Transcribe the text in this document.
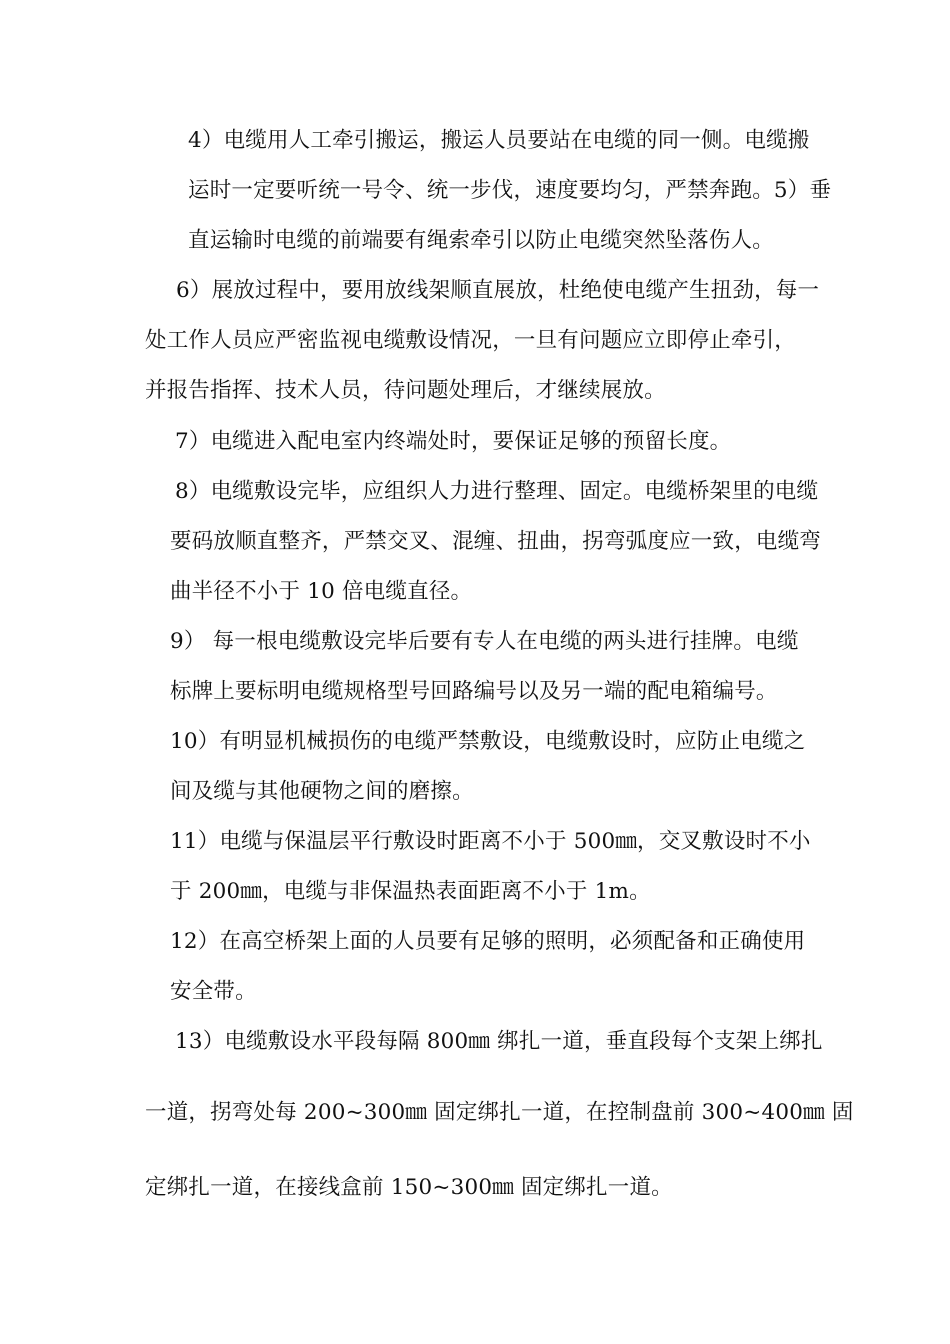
4）电缆用人工牵引搬运，搬运人员要站在电缆的同一侧。电缆搬
运时一定要听统一号令、统一步伐，速度要均匀，严禁奔跑。5）垂
直运输时电缆的前端要有绳索牵引以防止电缆突然坠落伤人。
6）展放过程中，要用放线架顺直展放，杜绝使电缆产生扭劲，每一
处工作人员应严密监视电缆敷设情况，一旦有问题应立即停止牵引，
并报告指挥、技术人员，待问题处理后，才继续展放。
7）电缆进入配电室内终端处时，要保证足够的预留长度。
8）电缆敷设完毕，应组织人力进行整理、固定。电缆桥架里的电缆
要码放顺直整齐，严禁交叉、混缠、扭曲，拐弯弧度应一致，电缆弯
曲半径不小于 10 倍电缆直径。
9） 每一根电缆敷设完毕后要有专人在电缆的两头进行挂牌。电缆
标牌上要标明电缆规格型号回路编号以及另一端的配电箱编号。
10）有明显机械损伤的电缆严禁敷设，电缆敷设时，应防止电缆之
间及缆与其他硬物之间的磨擦。
11）电缆与保温层平行敷设时距离不小于 500㎜，交叉敷设时不小
于 200㎜，电缆与非保温热表面距离不小于 1m。
12）在高空桥架上面的人员要有足够的照明，必须配备和正确使用
安全带。
13）电缆敷设水平段每隔 800㎜ 绑扎一道，垂直段每个支架上绑扎
一道，拐弯处每 200~300㎜ 固定绑扎一道，在控制盘前 300~400㎜ 固
定绑扎一道，在接线盒前 150~300㎜ 固定绑扎一道。
